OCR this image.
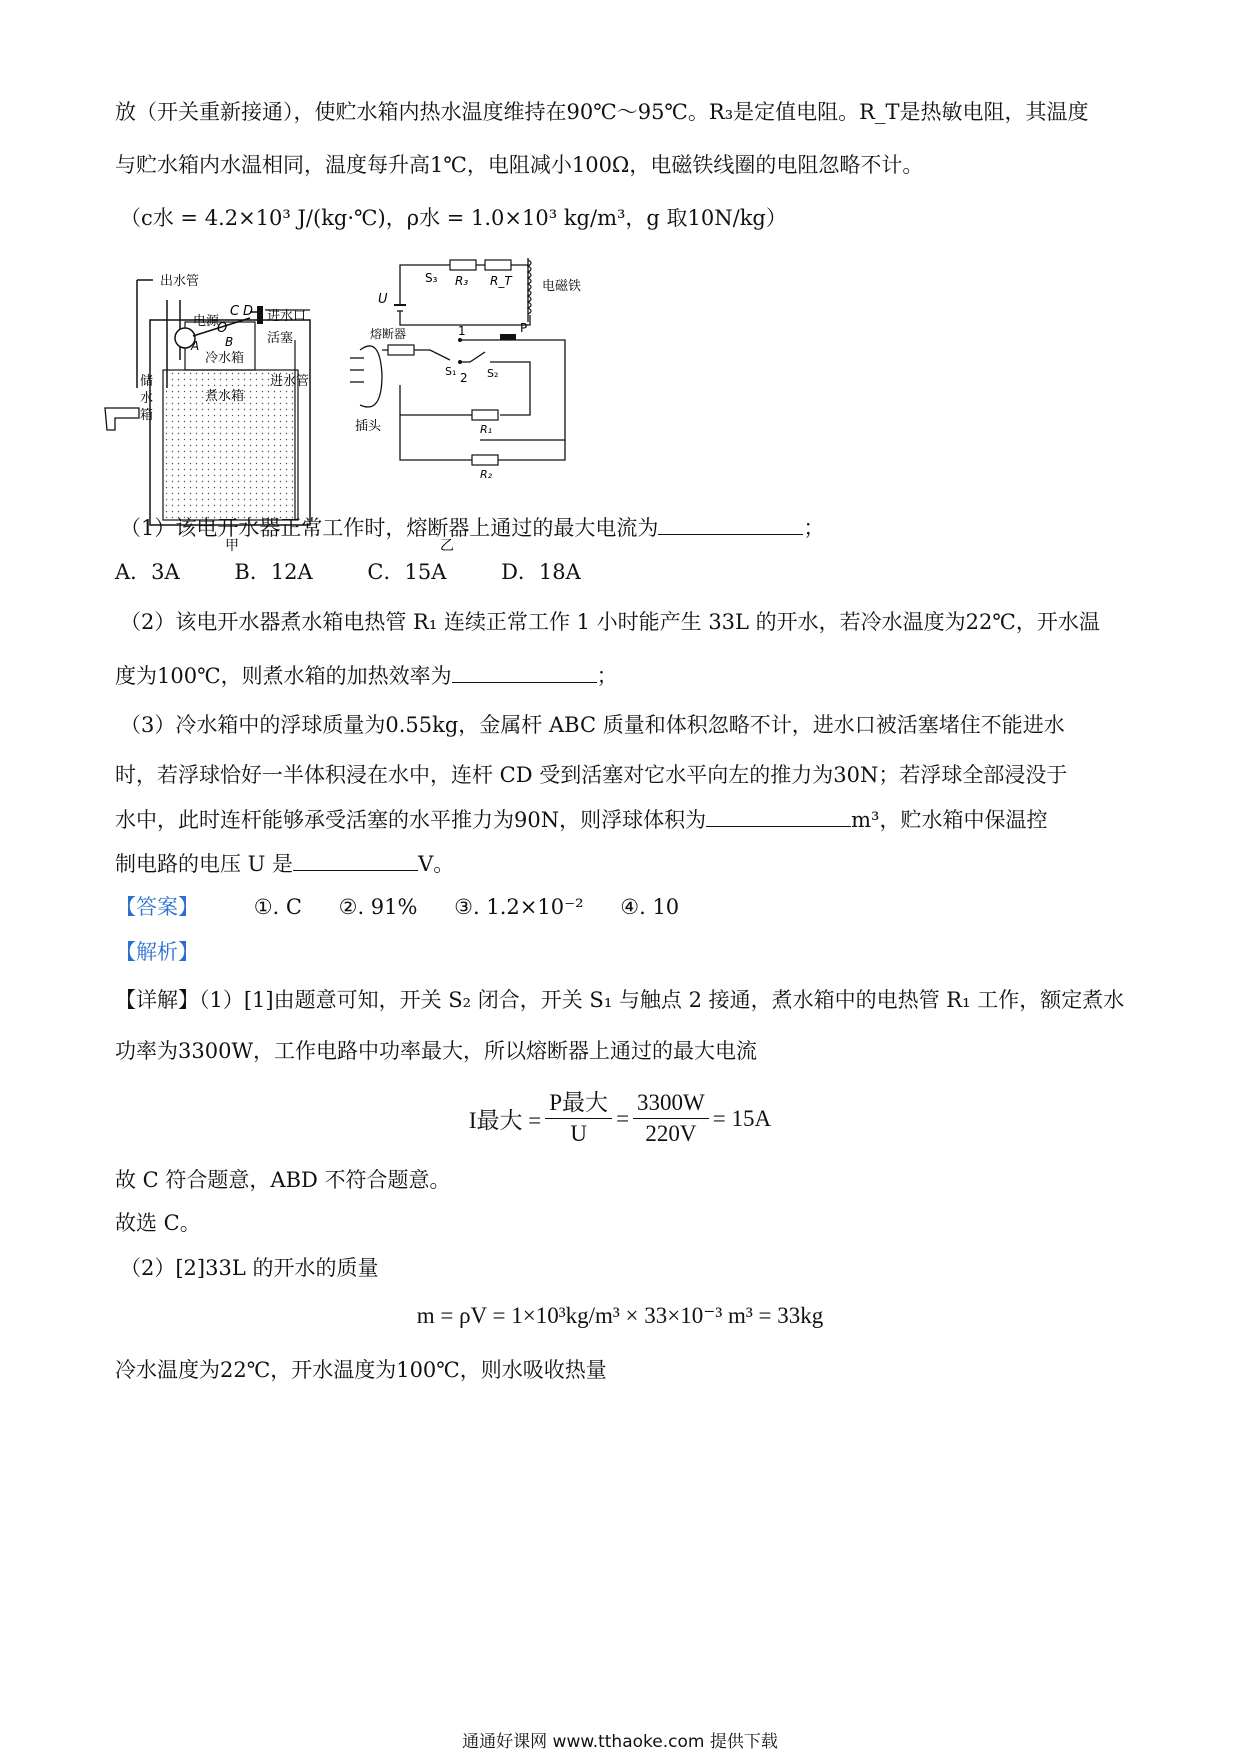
放（开关重新接通），使贮水箱内热水温度维持在90℃～95℃。R₃是定值电阻。R_T是热敏电阻，其温度
与贮水箱内水温相同，温度每升高1℃，电阻减小100Ω，电磁铁线圈的电阻忽略不计。
（c水 = 4.2×10³ J/(kg·℃)，ρ水 = 1.0×10³ kg/m³，g 取10N/kg）
出水管
电源
C D 进水口
O
A B	活塞
冷水箱
储
水
箱
煮水箱
进水管
甲
S₃ R₃ R_T 电磁铁
U
插头
熔断器	1	P
S₁ 2 S₂
R₁
R₂
乙
（1）该电开水器正常工作时，熔断器上通过的最大电流为	；
A．3A	B．12A	C．15A	D．18A
（2）该电开水器煮水箱电热管 R₁ 连续正常工作 1 小时能产生 33L 的开水，若冷水温度为22℃，开水温
度为100℃，则煮水箱的加热效率为	；
（3）冷水箱中的浮球质量为0.55kg，金属杆 ABC 质量和体积忽略不计，进水口被活塞堵住不能进水
时，若浮球恰好一半体积浸在水中，连杆 CD 受到活塞对它水平向左的推力为30N；若浮球全部浸没于
水中，此时连杆能够承受活塞的水平推力为90N，则浮球体积为	m³，贮水箱中保温控
制电路的电压 U 是	V。
【答案】	①. C ②. 91% ③. 1.2×10⁻² ④. 10
【解析】
【详解】（1）[1]由题意可知，开关 S₂ 闭合，开关 S₁ 与触点 2 接通，煮水箱中的电热管 R₁ 工作，额定煮水
功率为3300W，工作电路中功率最大，所以熔断器上通过的最大电流
I最大 = $\frac{\text{P最大}}{U} = \frac{3300W}{220V} = 15A$
故 C 符合题意，ABD 不符合题意。
故选 C。
（2）[2]33L 的开水的质量
m = ρV = 1×10³kg/m³ × 33×10⁻³ m³ = 33kg
冷水温度为22℃，开水温度为100℃，则水吸收热量
通通好课网 www.tthaoke.com 提供下载
